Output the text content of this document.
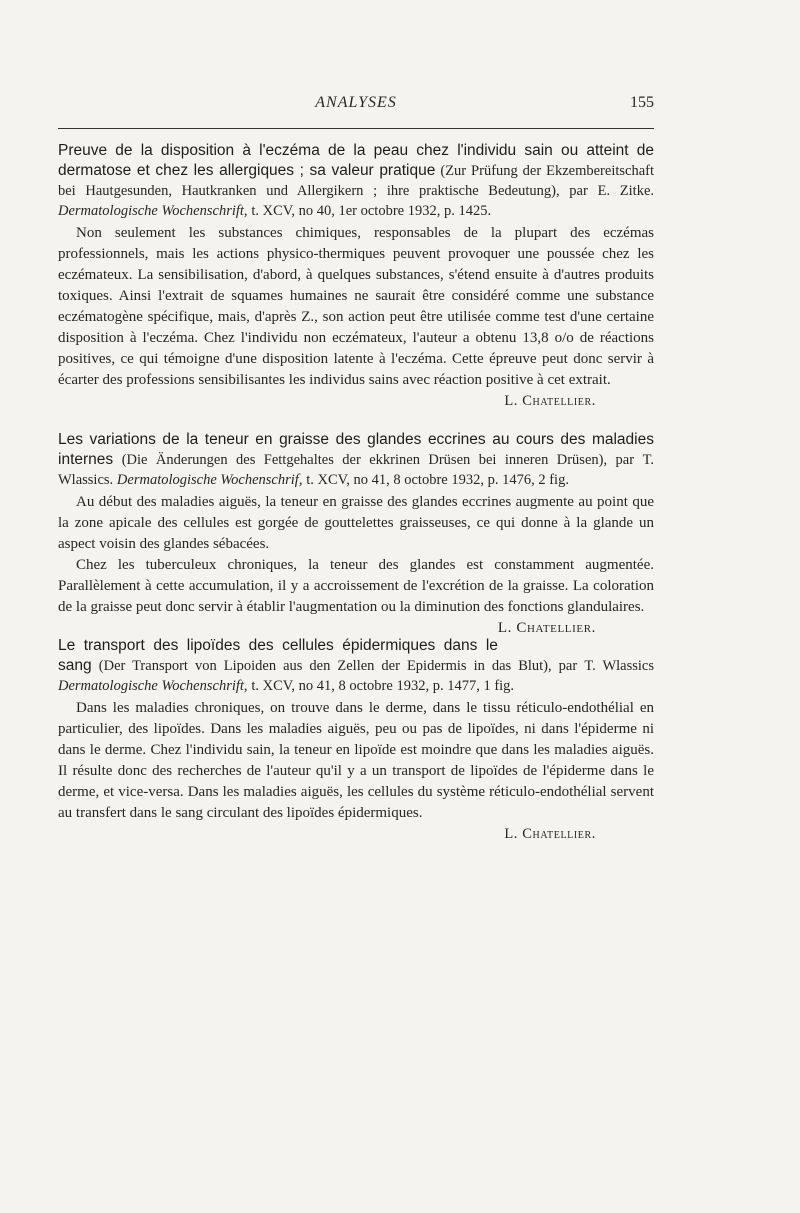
ANALYSES	155
Preuve de la disposition à l'eczéma de la peau chez l'individu sain ou atteint de dermatose et chez les allergiques ; sa valeur pratique (Zur Prüfung der Ekzembereitschaft bei Hautgesunden, Hautkranken und Allergikern ; ihre praktische Bedeutung), par E. Zitke. Dermatologische Wochenschrift, t. XCV, no 40, 1er octobre 1932, p. 1425.

Non seulement les substances chimiques, responsables de la plupart des eczémas professionnels, mais les actions physico-thermiques peuvent provoquer une poussée chez les eczémateux. La sensibilisation, d'abord, à quelques substances, s'étend ensuite à d'autres produits toxiques. Ainsi l'extrait de squames humaines ne saurait être considéré comme une substance eczématogène spécifique, mais, d'après Z., son action peut être utilisée comme test d'une certaine disposition à l'eczéma. Chez l'individu non eczémateux, l'auteur a obtenu 13,8 o/o de réactions positives, ce qui témoigne d'une disposition latente à l'eczéma. Cette épreuve peut donc servir à écarter des professions sensibilisantes les individus sains avec réaction positive à cet extrait.

L. Chatellier.
Les variations de la teneur en graisse des glandes eccrines au cours des maladies internes (Die Änderungen des Fettgehaltes der ekkrinen Drüsen bei inneren Drüsen), par T. Wlassics. Dermatologische Wochenschrif, t. XCV, no 41, 8 octobre 1932, p. 1476, 2 fig.

Au début des maladies aiguës, la teneur en graisse des glandes eccrines augmente au point que la zone apicale des cellules est gorgée de gouttelettes graisseuses, ce qui donne à la glande un aspect voisin des glandes sébacées.

Chez les tuberculeux chroniques, la teneur des glandes est constamment augmentée. Parallèlement à cette accumulation, il y a accroissement de l'excrétion de la graisse. La coloration de la graisse peut donc servir à établir l'augmentation ou la diminution des fonctions glandulaires.
L. Chatellier.

Le transport des lipoïdes des cellules épidermiques dans le sang (Der Transport von Lipoiden aus den Zellen der Epidermis in das Blut), par T. Wlassics Dermatologische Wochenschrift, t. XCV, no 41, 8 octobre 1932, p. 1477, 1 fig.

Dans les maladies chroniques, on trouve dans le derme, dans le tissu réticulo-endothélial en particulier, des lipoïdes. Dans les maladies aiguës, peu ou pas de lipoïdes, ni dans l'épiderme ni dans le derme. Chez l'individu sain, la teneur en lipoïde est moindre que dans les maladies aiguës. Il résulte donc des recherches de l'auteur qu'il y a un transport de lipoïdes de l'épiderme dans le derme, et vice-versa. Dans les maladies aiguës, les cellules du système réticulo-endothélial servent au transfert dans le sang circulant des lipoïdes épidermiques.

L. Chatellier.
